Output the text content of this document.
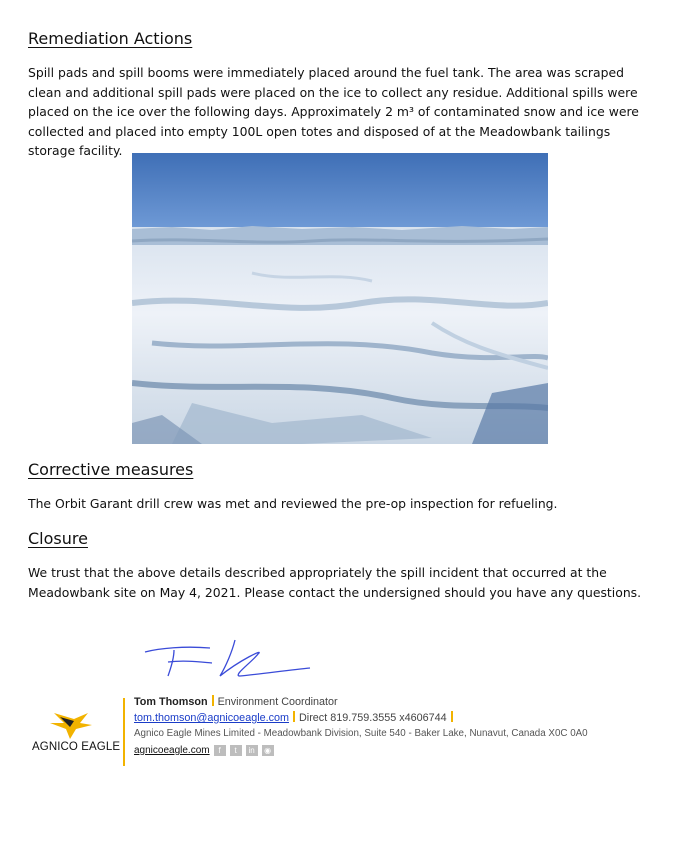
Remediation Actions
Spill pads and spill booms were immediately placed around the fuel tank. The area was scraped clean and additional spill pads were placed on the ice to collect any residue. Additional spills were placed on the ice over the following days. Approximately 2 m³ of contaminated snow and ice were collected and placed into empty 100L open totes and disposed of at the Meadowbank tailings storage facility.
Corrective measures
The Orbit Garant drill crew was met and reviewed the pre-op inspection for refueling.
Closure
We trust that the above details described appropriately the spill incident that occurred at the Meadowbank site on May 4, 2021. Please contact the undersigned should you have any questions.
AGNICO EAGLE
Tom Thomson Environment Coordinator
tom.thomson@agnicoeagle.com Direct 819.759.3555 x4606744
Agnico Eagle Mines Limited - Meadowbank Division, Suite 540 - Baker Lake, Nunavut, Canada X0C 0A0
agnicoeagle.com f t in ◉
